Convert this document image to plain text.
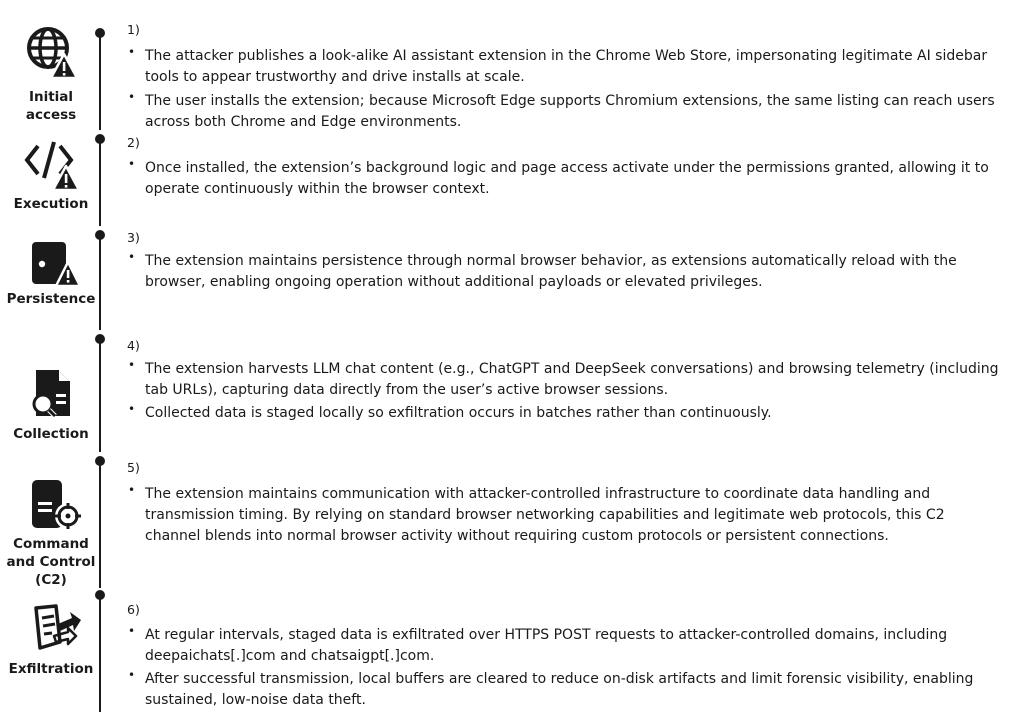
Initial
access
1)
• The attacker publishes a look-alike AI assistant extension in the Chrome Web Store, impersonating legitimate AI sidebar tools to appear trustworthy and drive installs at scale.
• The user installs the extension; because Microsoft Edge supports Chromium extensions, the same listing can reach users across both Chrome and Edge environments.
Execution
2)
• Once installed, the extension’s background logic and page access activate under the permissions granted, allowing it to operate continuously within the browser context.
Persistence
3)
• The extension maintains persistence through normal browser behavior, as extensions automatically reload with the browser, enabling ongoing operation without additional payloads or elevated privileges.
Collection
4)
• The extension harvests LLM chat content (e.g., ChatGPT and DeepSeek conversations) and browsing telemetry (including tab URLs), capturing data directly from the user’s active browser sessions.
• Collected data is staged locally so exfiltration occurs in batches rather than continuously.
Command
and Control
(C2)
5)
• The extension maintains communication with attacker-controlled infrastructure to coordinate data handling and transmission timing. By relying on standard browser networking capabilities and legitimate web protocols, this C2 channel blends into normal browser activity without requiring custom protocols or persistent connections.
Exfiltration
6)
• At regular intervals, staged data is exfiltrated over HTTPS POST requests to attacker-controlled domains, including deepaichats[.]com and chatsaigpt[.]com.
• After successful transmission, local buffers are cleared to reduce on-disk artifacts and limit forensic visibility, enabling sustained, low-noise data theft.
